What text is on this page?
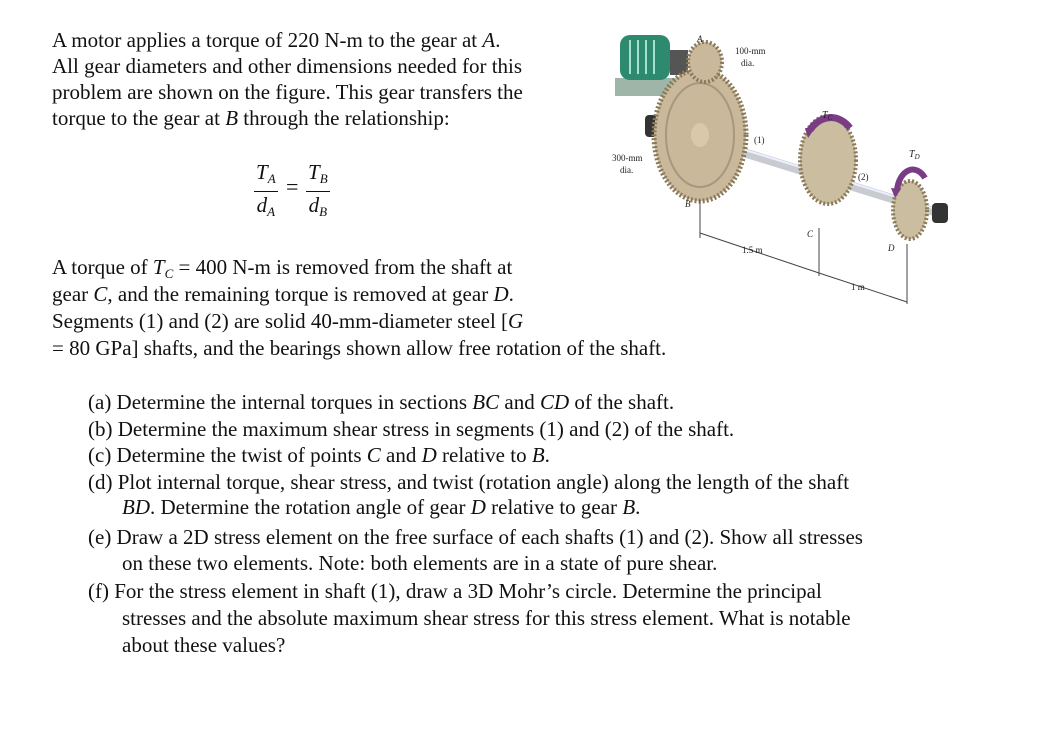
A motor applies a torque of 220 N-m to the gear at A.
All gear diameters and other dimensions needed for this
problem are shown on the figure. This gear transfers the
torque to the gear at B through the relationship:
$\frac{T_A}{d_A} = \frac{T_B}{d_B}$
A torque of $T_C = 400$ N-m is removed from the shaft at
gear C, and the remaining torque is removed at gear D.
Segments (1) and (2) are solid 40-mm-diameter steel [G
= 80 GPa] shafts, and the bearings shown allow free rotation of the shaft.
A
100-mm
dia.
300-mm
dia.
B
(1)
$T_C$
(2)
$T_D$
C
D
1.5 m
1 m
(a) Determine the internal torques in sections BC and CD of the shaft.
(b) Determine the maximum shear stress in segments (1) and (2) of the shaft.
(c) Determine the twist of points C and D relative to B.
(d) Plot internal torque, shear stress, and twist (rotation angle) along the length of the shaft
BD. Determine the rotation angle of gear D relative to gear B.
(e) Draw a 2D stress element on the free surface of each shafts (1) and (2). Show all stresses
on these two elements. Note: both elements are in a state of pure shear.
(f) For the stress element in shaft (1), draw a 3D Mohr’s circle. Determine the principal
stresses and the absolute maximum shear stress for this stress element. What is notable
about these values?
